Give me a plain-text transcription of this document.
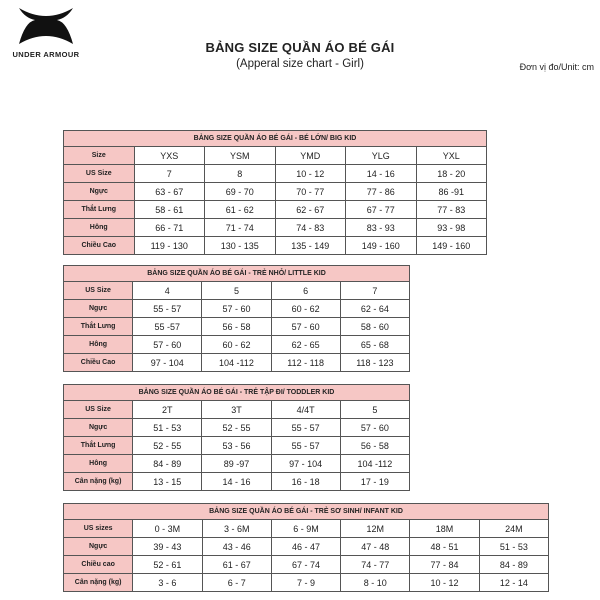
UNDER ARMOUR	BẢNG SIZE QUẦN ÁO BÉ GÁI
(Apperal size chart - Girl)	Đơn vị đo/Unit: cm
BẢNG SIZE QUẦN ÁO BÉ GÁI - BÉ LỚN/ BIG KID					
Size	YXS	YSM	YMD	YLG	YXL
US Size	7	8	10 - 12	14 - 16	18 - 20
Ngực	63 - 67	69 - 70	70 - 77	77 - 86	86 -91
Thắt Lưng	58 - 61	61 - 62	62 - 67	67 - 77	77 - 83
Hông	66 - 71	71 - 74	74 - 83	83 - 93	93 - 98
Chiều Cao	119 - 130	130 - 135	135 - 149	149 - 160	149 - 160
BẢNG SIZE QUẦN ÁO BÉ GÁI - TRẺ NHỎ/ LITTLE KID				
US Size	4	5	6	7
Ngực	55 - 57	57 - 60	60 - 62	62 - 64
Thắt Lưng	55 -57	56 - 58	57 - 60	58 - 60
Hông	57 - 60	60 - 62	62 - 65	65 - 68
Chiều Cao	97 - 104	104 -112	112 - 118	118 - 123
BẢNG SIZE QUẦN ÁO BÉ GÁI - TRẺ TẬP ĐI/ TODDLER KID				
US Size	2T	3T	4/4T	5
Ngực	51 - 53	52 - 55	55 - 57	57 - 60
Thắt Lưng	52 - 55	53 - 56	55 - 57	56 - 58
Hông	84 - 89	89 -97	97 - 104	104 -112
Cân nặng (kg)	13 - 15	14 - 16	16 - 18	17 - 19
BẢNG SIZE QUẦN ÁO BÉ GÁI - TRẺ SƠ SINH/ INFANT KID						
US sizes	0 - 3M	3 - 6M	6 - 9M	12M	18M	24M
Ngực	39 - 43	43 - 46	46 - 47	47 - 48	48 - 51	51 - 53
Chiều cao	52 - 61	61 - 67	67 - 74	74 - 77	77 - 84	84 - 89
Cân nặng (kg)	3 - 6	6 - 7	7 - 9	8 - 10	10 - 12	12 - 14
